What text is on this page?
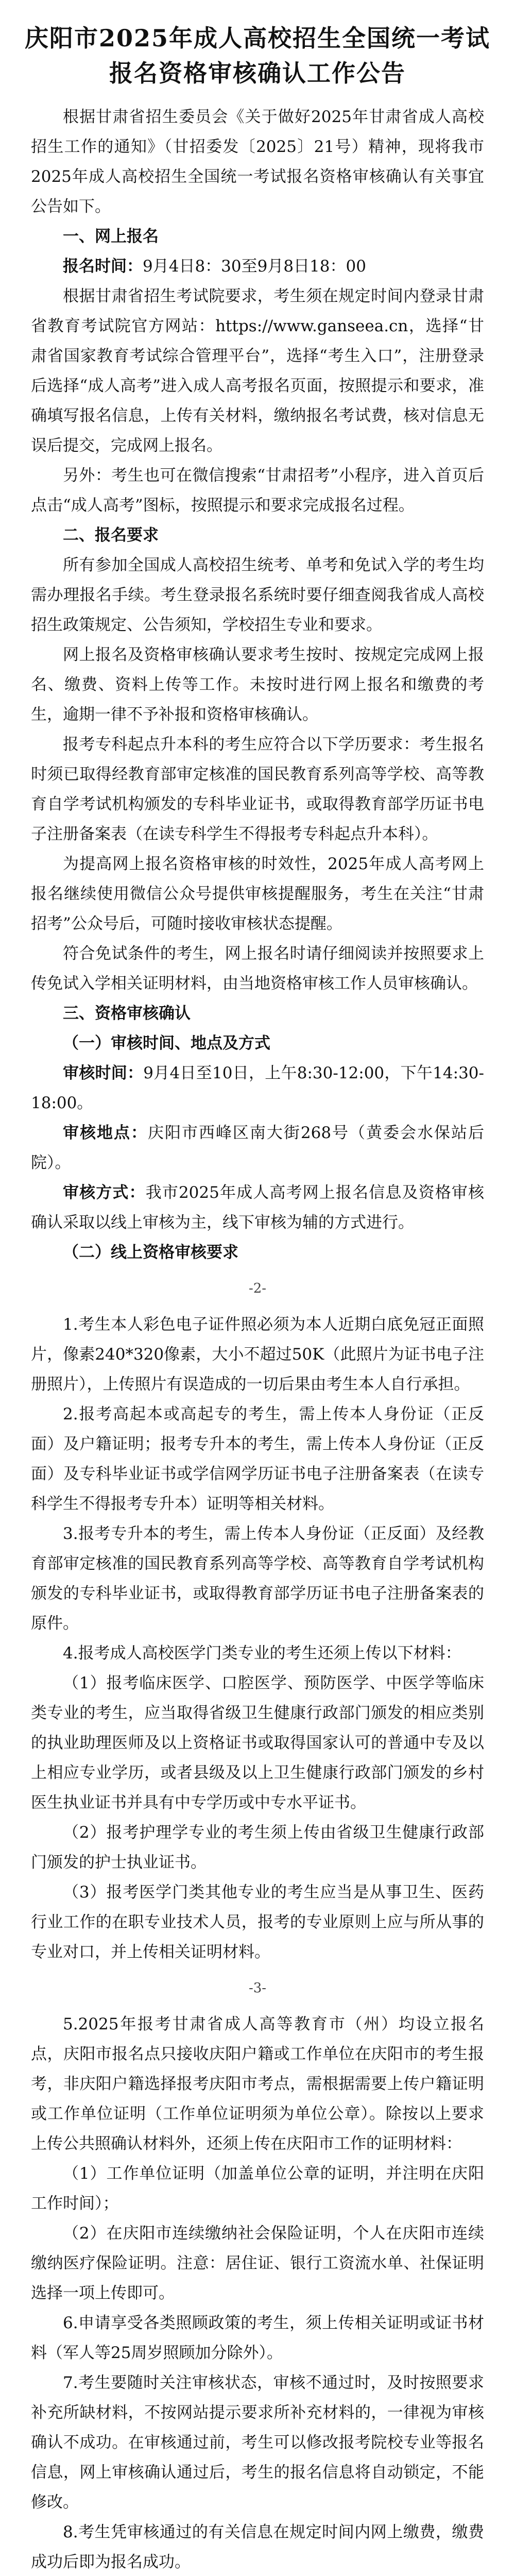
庆阳市2025年成人高校招生全国统一考试
报名资格审核确认工作公告

根据甘肃省招生委员会《关于做好2025年甘肃省成人高校招生工作的通知》（甘招委发〔2025〕21号）精神，现将我市2025年成人高校招生全国统一考试报名资格审核确认有关事宜公告如下。

一、网上报名

报名时间：9月4日8：30至9月8日18：00

根据甘肃省招生考试院要求，考生须在规定时间内登录甘肃省教育考试院官方网站：https://www.ganseea.cn，选择“甘肃省国家教育考试综合管理平台”，选择“考生入口”，注册登录后选择“成人高考”进入成人高考报名页面，按照提示和要求，准确填写报名信息，上传有关材料，缴纳报名考试费，核对信息无误后提交，完成网上报名。

另外：考生也可在微信搜索“甘肃招考”小程序，进入首页后点击“成人高考”图标，按照提示和要求完成报名过程。

二、报名要求

所有参加全国成人高校招生统考、单考和免试入学的考生均需办理报名手续。考生登录报名系统时要仔细查阅我省成人高校招生政策规定、公告须知，学校招生专业和要求。

网上报名及资格审核确认要求考生按时、按规定完成网上报名、缴费、资料上传等工作。未按时进行网上报名和缴费的考生，逾期一律不予补报和资格审核确认。

报考专科起点升本科的考生应符合以下学历要求：考生报名时须已取得经教育部审定核准的国民教育系列高等学校、高等教育自学考试机构颁发的专科毕业证书，或取得教育部学历证书电子注册备案表（在读专科学生不得报考专科起点升本科）。

为提高网上报名资格审核的时效性，2025年成人高考网上报名继续使用微信公众号提供审核提醒服务，考生在关注“甘肃招考”公众号后，可随时接收审核状态提醒。

符合免试条件的考生，网上报名时请仔细阅读并按照要求上传免试入学相关证明材料，由当地资格审核工作人员审核确认。

三、资格审核确认

（一）审核时间、地点及方式

审核时间：9月4日至10日，上午8:30-12:00，下午14:30-18:00。

审核地点：庆阳市西峰区南大街268号（黄委会水保站后院）。

审核方式：我市2025年成人高考网上报名信息及资格审核确认采取以线上审核为主，线下审核为辅的方式进行。

（二）线上资格审核要求

-2-

1.考生本人彩色电子证件照必须为本人近期白底免冠正面照片，像素240*320像素，大小不超过50K（此照片为证书电子注册照片），上传照片有误造成的一切后果由考生本人自行承担。

2.报考高起本或高起专的考生，需上传本人身份证（正反面）及户籍证明；报考专升本的考生，需上传本人身份证（正反面）及专科毕业证书或学信网学历证书电子注册备案表（在读专科学生不得报考专升本）证明等相关材料。

3.报考专升本的考生，需上传本人身份证（正反面）及经教育部审定核准的国民教育系列高等学校、高等教育自学考试机构颁发的专科毕业证书，或取得教育部学历证书电子注册备案表的原件。

4.报考成人高校医学门类专业的考生还须上传以下材料：

（1）报考临床医学、口腔医学、预防医学、中医学等临床类专业的考生，应当取得省级卫生健康行政部门颁发的相应类别的执业助理医师及以上资格证书或取得国家认可的普通中专及以上相应专业学历，或者县级及以上卫生健康行政部门颁发的乡村医生执业证书并具有中专学历或中专水平证书。

（2）报考护理学专业的考生须上传由省级卫生健康行政部门颁发的护士执业证书。

（3）报考医学门类其他专业的考生应当是从事卫生、医药行业工作的在职专业技术人员，报考的专业原则上应与所从事的专业对口，并上传相关证明材料。

-3-

5.2025年报考甘肃省成人高等教育市（州）均设立报名点，庆阳市报名点只接收庆阳户籍或工作单位在庆阳市的考生报考，非庆阳户籍选择报考庆阳市考点，需根据需要上传户籍证明或工作单位证明（工作单位证明须为单位公章）。除按以上要求上传公共照确认材料外，还须上传在庆阳市工作的证明材料：

（1）工作单位证明（加盖单位公章的证明，并注明在庆阳工作时间）；

（2）在庆阳市连续缴纳社会保险证明，个人在庆阳市连续缴纳医疗保险证明。注意：居住证、银行工资流水单、社保证明选择一项上传即可。

6.申请享受各类照顾政策的考生，须上传相关证明或证书材料（军人等25周岁照顾加分除外）。

7.考生要随时关注审核状态，审核不通过时，及时按照要求补充所缺材料，不按网站提示要求所补充材料的，一律视为审核确认不成功。在审核通过前，考生可以修改报考院校专业等报名信息，网上审核确认通过后，考生的报名信息将自动锁定，不能修改。

8.考生凭审核通过的有关信息在规定时间内网上缴费，缴费成功后即为报名成功。
